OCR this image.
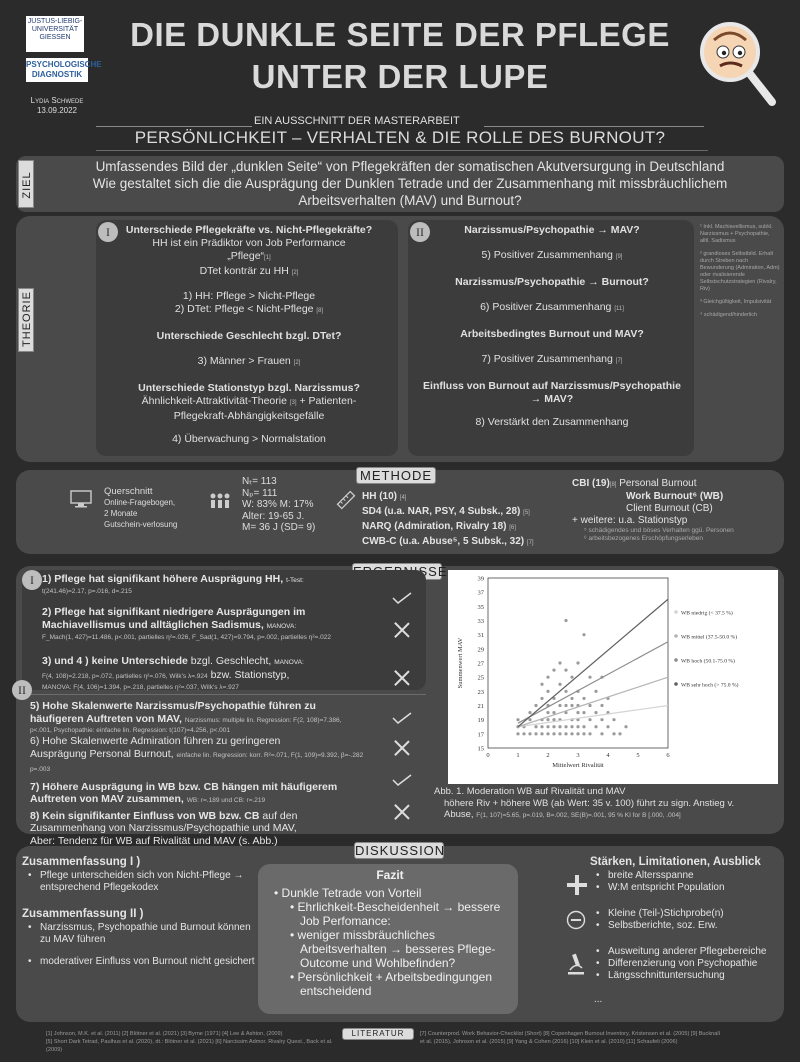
JUSTUS-LIEBIG-
UNIVERSITÄT
GIESSEN
PSYCHOLOGISCHE
DIAGNOSTIK
Lydia Schwede
13.09.2022
DIE DUNKLE SEITE DER PFLEGE
UNTER DER LUPE
EIN AUSSCHNITT DER MASTERARBEIT
PERSÖNLICHKEIT – VERHALTEN & DIE ROLLE DES BURNOUT?
ZIEL
Umfassendes Bild der „dunklen Seite“ von Pflegekräften der somatischen Akutversurgung in Deutschland
Wie gestaltet sich die die Ausprägung der Dunklen Tetrade und der Zusammenhang mit missbräuchlichem
Arbeitsverhalten (MAV) und Burnout?
THEORIE
I	Unterschiede Pflegekräfte vs. Nicht-Pflegekräfte?
HH ist ein Prädiktor von Job Performance
„Pflege“[1]
DTet konträr zu HH [2]
1) HH: Pflege > Nicht-Pflege
2) DTet: Pflege < Nicht-Pflege [8]
Unterschiede Geschlecht bzgl. DTet?
3) Männer > Frauen [2]
Unterschiede Stationstyp bzgl. Narzissmus?
Ähnlichkeit-Attraktivität-Theorie [3] + Patienten-
Pflegekraft-Abhängigkeitsgefälle
4) Überwachung > Normalstation
II	Narzissmus/Psychopathie → MAV?
5) Positiver Zusammenhang [9]
Narzissmus/Psychopathie → Burnout?
6) Positiver Zusammenhang [11]
Arbeitsbedingtes Burnout und MAV?
7) Positiver Zusammenhang [7]
Einfluss von Burnout auf Narzissmus/Psychopathie
→ MAV?
8) Verstärkt den Zusammenhang
¹ Inkl. Machiavellismus, subkl. Narzissmus + Psychopathie, alltl. Sadismus
² grandioses Selbstbild. Erhalt durch Streben nach Bewunderung (Admiration, Adm) oder rivalisierende Selbstschutzstrategien (Rivalry, Riv)
³ Gleichgültigkeit, Impulsivität
⁴ schädigend/hinderlich
METHODE
Querschnitt
Online-Fragebogen,
2 Monate
Gutschein-verlosung
Nₜ= 113
Nₚ= 111
W: 83% M: 17%
Alter: 19-65 J.
M= 36 J (SD= 9)
HH (10) [4]
SD4 (u.a. NAR, PSY, 4 Subsk., 28) [5]
NARQ (Admiration, Rivalry 18) [6]
CWB-C (u.a. Abuse⁵, 5 Subsk., 32) [7]
CBI (19)[8] Personal Burnout
Work Burnout⁶ (WB)
Client Burnout (CB)
+ weitere: u.a. Stationstyp
⁵ schädigendes und böses Verhalten ggü. Personen
⁶ arbeitsbezogenes Erschöpfungserleben
I 1) Pflege hat signifikant höhere Ausprägung HH, t-Test:
t(241.46)=2.17, p=.016, d=.215
2) Pflege hat signifikant niedrigere Ausprägungen im
Machiavellismus und alltäglichen Sadismus, MANOVA:
F_Mach(1, 427)=11.486, p<.001, partielles η²=.026, F_Sad(1, 427)=9.794, p=.002, partielles η²=.022
3) und 4 ) keine Unterschiede bzgl. Geschlecht, MANOVA:
F(4, 108)=2.218, p=.072, partielles η²=.076, Wilk's λ=.924 bzw. Stationstyp,
MANOVA: F(4, 106)=1.394, p=.218, partielles η²=.037, Wilk's λ=.927
II
5) Hohe Skalenwerte Narzissmus/Psychopathie führen zu
häufigeren Auftreten von MAV, Narzissmus: multiple lin. Regression: F(2, 108)=7.386,
p<.001, Psychopathie: einfache lin. Regression: t(107)=4.256, p<.001
6) Hohe Skalenwerte Admiration führen zu geringeren
Ausprägung Personal Burnout, einfache lin. Regression: korr. R²=.071, F(1, 109)=9.392, β=-.282 p=.003
7) Höhere Ausprägung in WB bzw. CB hängen mit häufigerem
Auftreten von MAV zusammen, WB: r=.189 und CB: r=.219
8) Kein signifikanter Einfluss von WB bzw. CB auf den
Zusammenhang von Narzissmus/Psychopathie und MAV,
Aber: Tendenz für WB auf Rivalität und MAV (s. Abb.)
15
17
19
21
23
25
27
29
31
33
35
37
39
0	1	2	3	4	5	6
Mittelwert Rivalität
Summenwert MAV
WB niedrig (< 37.5 %)
WB mittel (37.5-50.0 %)
WB hoch (50.1-75.0 %)
WB sehr hoch (> 75.0 %)
Abb. 1. Moderation WB auf Rivalität und MAV
höhere Riv + höhere WB (ab Wert: 35 v. 100) führt zu sign. Anstieg v.
Abuse, F(1, 107)=5.65, p=.019, B=.002, SE(B)=.001, 95 % KI for B [.000, .004]
DISKUSSION
Zusammenfassung I )
• Pflege unterscheiden sich von Nicht-Pflege → entsprechend Pflegekodex
Zusammenfassung II )
• Narzissmus, Psychopathie und Burnout können zu MAV führen
• moderativer Einfluss von Burnout nicht gesichert
Fazit
• Dunkle Tetrade von Vorteil
• Ehrlichkeit-Bescheidenheit → bessere
Job Perfomance:
• weniger missbräuchliches
Arbeitsverhalten → besseres Pflege-
Outcome und Wohlbefinden?
• Persönlichkeit + Arbeitsbedingungen
entscheidend
Stärken, Limitationen, Ausblick
• breite Altersspanne
• W:M entspricht Population
• Kleine (Teil-)Stichprobe(n)
• Selbstberichte, soz. Erw.
• Ausweitung anderer Pflegebereiche
• Differenzierung von Psychopathie
• Längsschnittuntersuchung
...
LITERATUR
[1] Johnson, M.K. et al. (2011) [2] Blötner et al. (2021) [3] Byrne (1971) [4] Lee & Ashton, (2009)
[5] Short Dark Tetrad, Paulhus et al. (2020), dt.: Blötner et al. (2021) [6] Narcissim Admor. Rivalry Quest., Back et al. (2009)
[7] Counterprod. Work Behavior-Checklist (Short) [8] Copenhagen Burnout Inventory, Kristensen et al. (2005) [9] Bucknall
et al. (2015), Johnson et al. (2015) [9] Yang & Cohen (2016) [10] Klein et al. (2010) [11] Schaufeli (2006)
